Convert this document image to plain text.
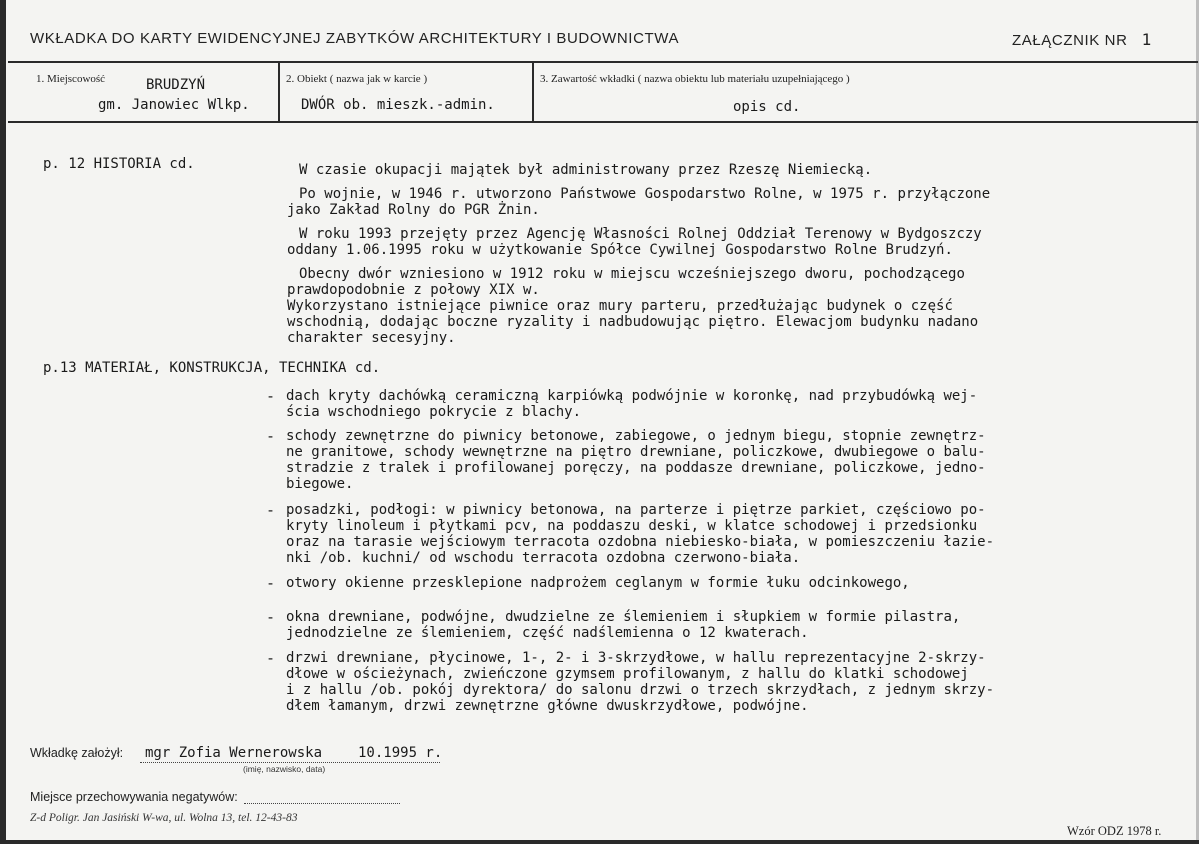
WKŁADKA DO KARTY EWIDENCYJNEJ ZABYTKÓW ARCHITEKTURY I BUDOWNICTWA	ZAŁĄCZNIK NR 1
1. Miejscowość	BRUDZYŃ
gm. Janowiec Wlkp.
2. Obiekt ( nazwa jak w karcie )
DWÓR ob. mieszk.-admin.
3. Zawartość wkładki ( nazwa obiektu lub materiału uzupełniającego )
opis cd.
p. 12 HISTORIA cd.	W czasie okupacji majątek był administrowany przez Rzeszę Niemiecką.
Po wojnie, w 1946 r. utworzono Państwowe Gospodarstwo Rolne, w 1975 r. przyłączone
jako Zakład Rolny do PGR Żnin.
W roku 1993 przejęty przez Agencję Własności Rolnej Oddział Terenowy w Bydgoszczy
oddany 1.06.1995 roku w użytkowanie Spółce Cywilnej Gospodarstwo Rolne Brudzyń.
Obecny dwór wzniesiono w 1912 roku w miejscu wcześniejszego dworu, pochodzącego
prawdopodobnie z połowy XIX w.
Wykorzystano istniejące piwnice oraz mury parteru, przedłużając budynek o część
wschodnią, dodając boczne ryzality i nadbudowując piętro. Elewacjom budynku nadano
charakter secesyjny.
p.13 MATERIAŁ, KONSTRUKCJA, TECHNIKA cd.
- dach kryty dachówką ceramiczną karpiówką podwójnie w koronkę, nad przybudówką wej-
ścia wschodniego pokrycie z blachy.
- schody zewnętrzne do piwnicy betonowe, zabiegowe, o jednym biegu, stopnie zewnętrz-
ne granitowe, schody wewnętrzne na piętro drewniane, policzkowe, dwubiegowe o balu-
stradzie z tralek i profilowanej poręczy, na poddasze drewniane, policzkowe, jedno-
biegowe.
- posadzki, podłogi: w piwnicy betonowa, na parterze i piętrze parkiet, częściowo po-
kryty linoleum i płytkami pcv, na poddaszu deski, w klatce schodowej i przedsionku
oraz na tarasie wejściowym terracota ozdobna niebiesko-biała, w pomieszczeniu łazie-
nki /ob. kuchni/ od wschodu terracota ozdobna czerwono-biała.
- otwory okienne przesklepione nadprożem ceglanym w formie łuku odcinkowego,
- okna drewniane, podwójne, dwudzielne ze ślemieniem i słupkiem w formie pilastra,
jednodzielne ze ślemieniem, część nadślemienna o 12 kwaterach.
- drzwi drewniane, płycinowe, 1-, 2- i 3-skrzydłowe, w hallu reprezentacyjne 2-skrzy-
dłowe w ościeżynach, zwieńczone gzymsem profilowanym, z hallu do klatki schodowej
i z hallu /ob. pokój dyrektora/ do salonu drzwi o trzech skrzydłach, z jednym skrzy-
dłem łamanym, drzwi zewnętrzne główne dwuskrzydłowe, podwójne.
Wkładkę założył: mgr Zofia Wernerowska	10.1995 r.
(imię, nazwisko, data)
Miejsce przechowywania negatywów:
Z-d Poligr. Jan Jasiński W-wa, ul. Wolna 13, tel. 12-43-83
Wzór ODZ 1978 r.
